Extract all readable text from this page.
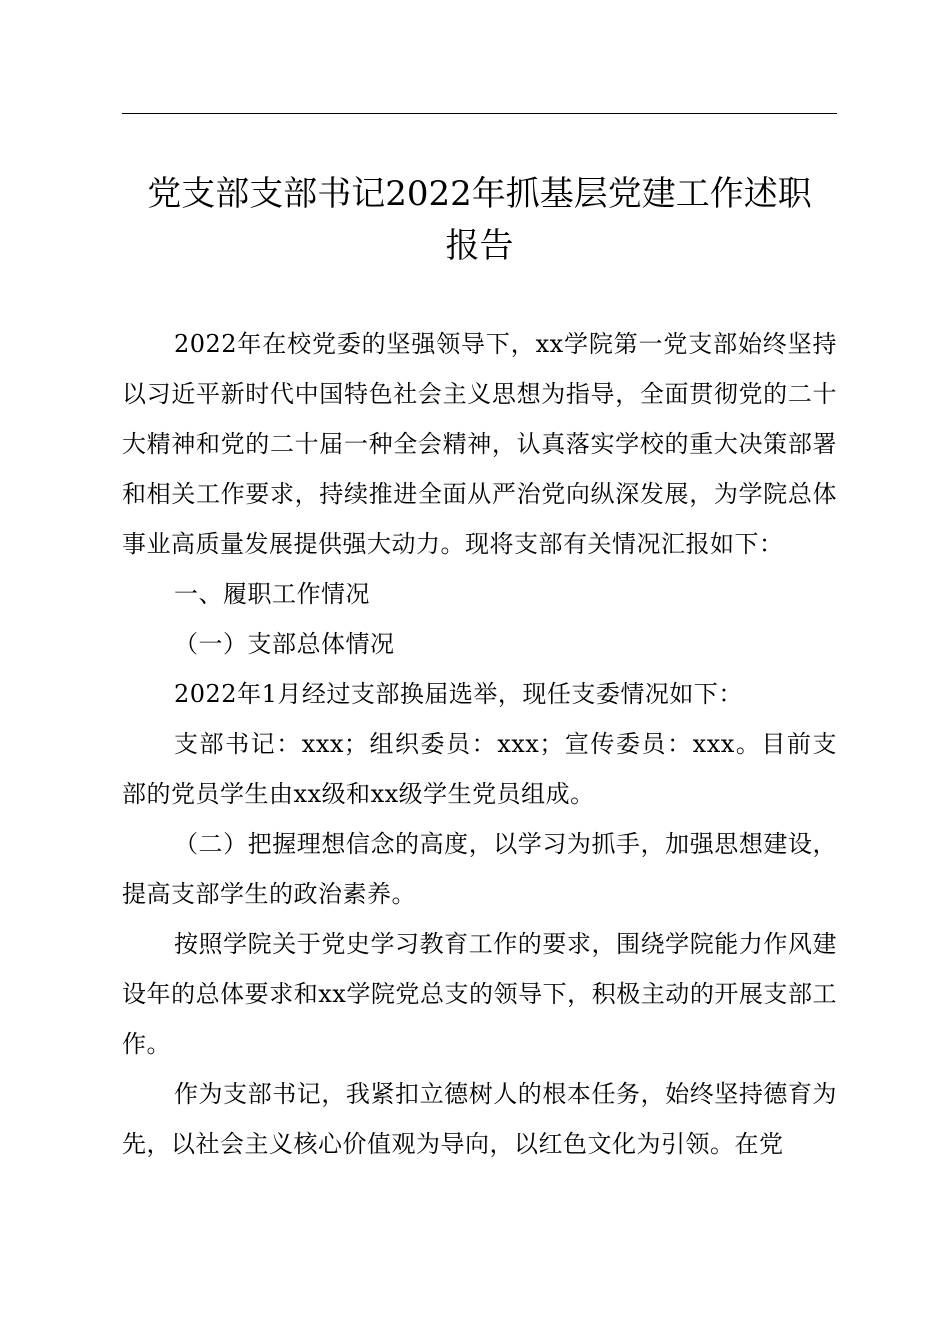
党支部支部书记2022年抓基层党建工作述职
报告

2022年在校党委的坚强领导下，xx学院第一党支部始终坚持以习近平新时代中国特色社会主义思想为指导，全面贯彻党的二十大精神和党的二十届一种全会精神，认真落实学校的重大决策部署和相关工作要求，持续推进全面从严治党向纵深发展，为学院总体事业高质量发展提供强大动力。现将支部有关情况汇报如下：

一、履职工作情况

（一）支部总体情况

2022年1月经过支部换届选举，现任支委情况如下：

支部书记：xxx；组织委员：xxx；宣传委员：xxx。目前支部的党员学生由xx级和xx级学生党员组成。

（二）把握理想信念的高度，以学习为抓手，加强思想建设，提高支部学生的政治素养。

按照学院关于党史学习教育工作的要求，围绕学院能力作风建设年的总体要求和xx学院党总支的领导下，积极主动的开展支部工作。

作为支部书记，我紧扣立德树人的根本任务，始终坚持德育为先，以社会主义核心价值观为导向，以红色文化为引领。在党
